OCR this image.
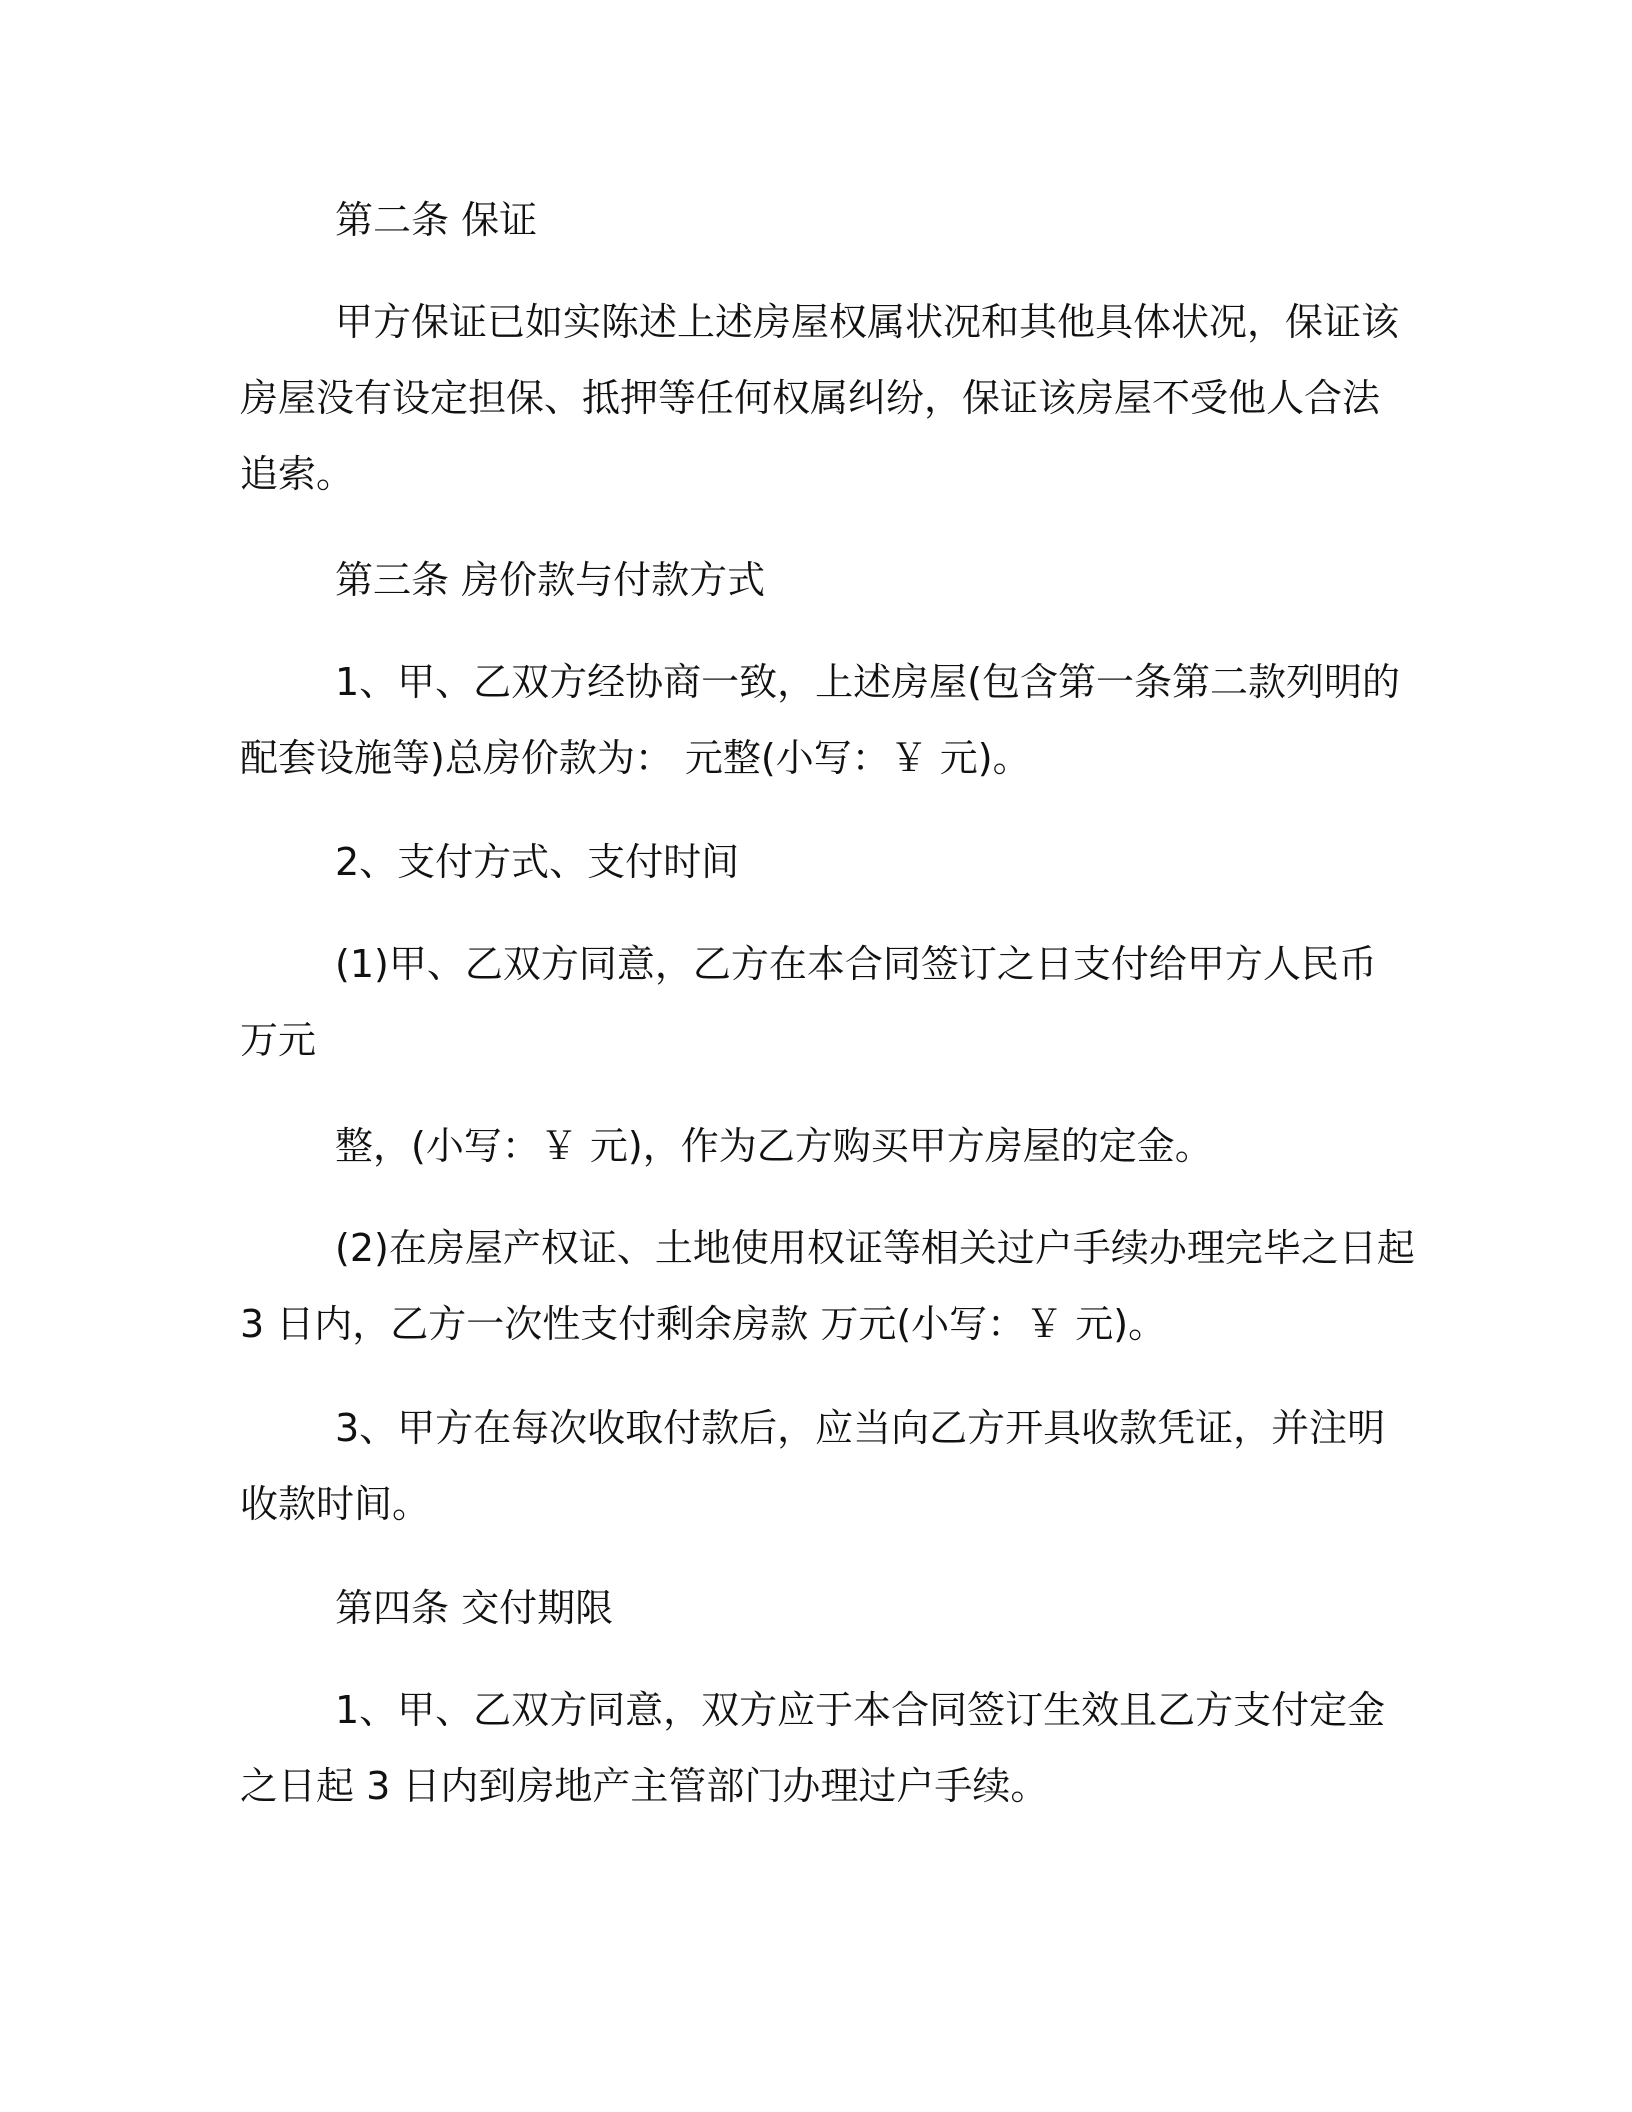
第二条 保证
甲方保证已如实陈述上述房屋权属状况和其他具体状况，保证该
房屋没有设定担保、抵押等任何权属纠纷，保证该房屋不受他人合法
追索。
第三条 房价款与付款方式
1、甲、乙双方经协商一致，上述房屋(包含第一条第二款列明的
配套设施等)总房价款为： 元整(小写：￥ 元)。
2、支付方式、支付时间
(1)甲、乙双方同意，乙方在本合同签订之日支付给甲方人民币
万元
整，(小写：￥ 元)，作为乙方购买甲方房屋的定金。
(2)在房屋产权证、土地使用权证等相关过户手续办理完毕之日起
3 日内，乙方一次性支付剩余房款 万元(小写：￥ 元)。
3、甲方在每次收取付款后，应当向乙方开具收款凭证，并注明
收款时间。
第四条 交付期限
1、甲、乙双方同意，双方应于本合同签订生效且乙方支付定金
之日起 3 日内到房地产主管部门办理过户手续。
